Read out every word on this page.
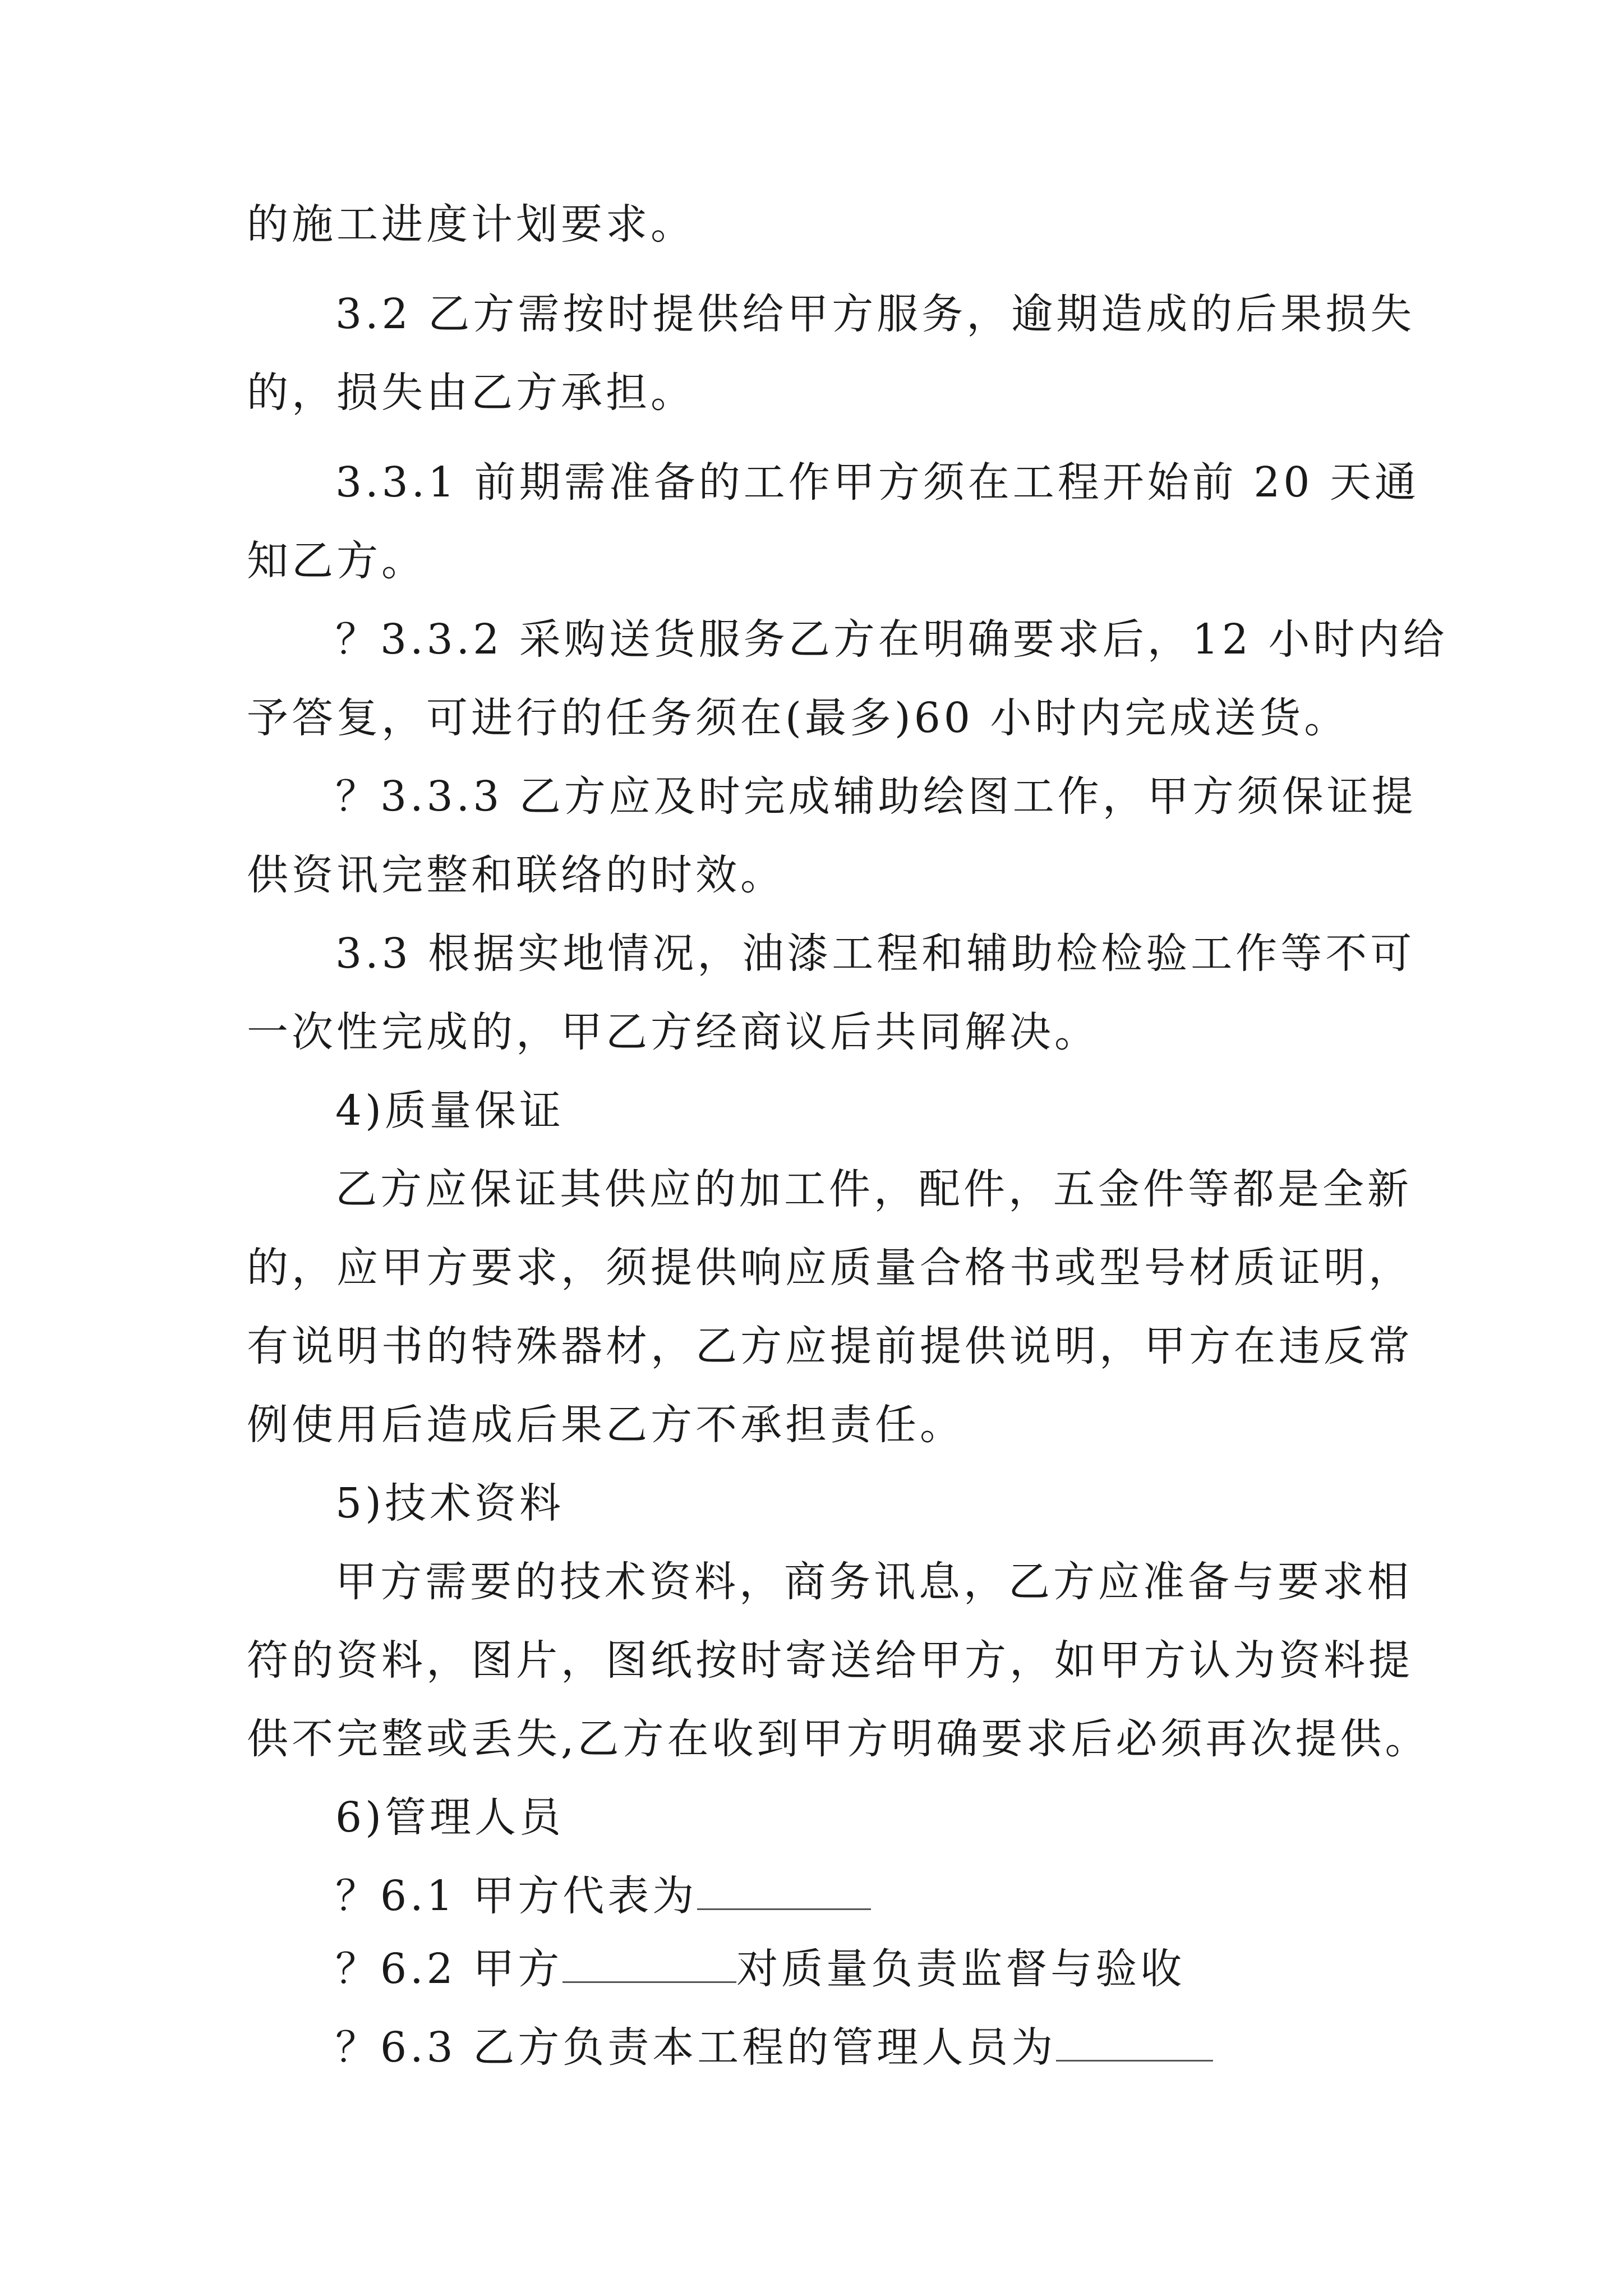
的施工进度计划要求。
3.2 乙方需按时提供给甲方服务，逾期造成的后果损失
的，损失由乙方承担。
3.3.1 前期需准备的工作甲方须在工程开始前 20 天通
知乙方。
？3.3.2 采购送货服务乙方在明确要求后，12 小时内给
予答复，可进行的任务须在(最多)60 小时内完成送货。
？3.3.3 乙方应及时完成辅助绘图工作，甲方须保证提
供资讯完整和联络的时效。
3.3 根据实地情况，油漆工程和辅助检检验工作等不可
一次性完成的，甲乙方经商议后共同解决。
4)质量保证
乙方应保证其供应的加工件，配件，五金件等都是全新
的，应甲方要求，须提供响应质量合格书或型号材质证明，
有说明书的特殊器材，乙方应提前提供说明，甲方在违反常
例使用后造成后果乙方不承担责任。
5)技术资料
甲方需要的技术资料，商务讯息，乙方应准备与要求相
符的资料，图片，图纸按时寄送给甲方，如甲方认为资料提
供不完整或丢失,乙方在收到甲方明确要求后必须再次提供。
6)管理人员
？6.1 甲方代表为
？6.2 甲方	对质量负责监督与验收
？6.3 乙方负责本工程的管理人员为
